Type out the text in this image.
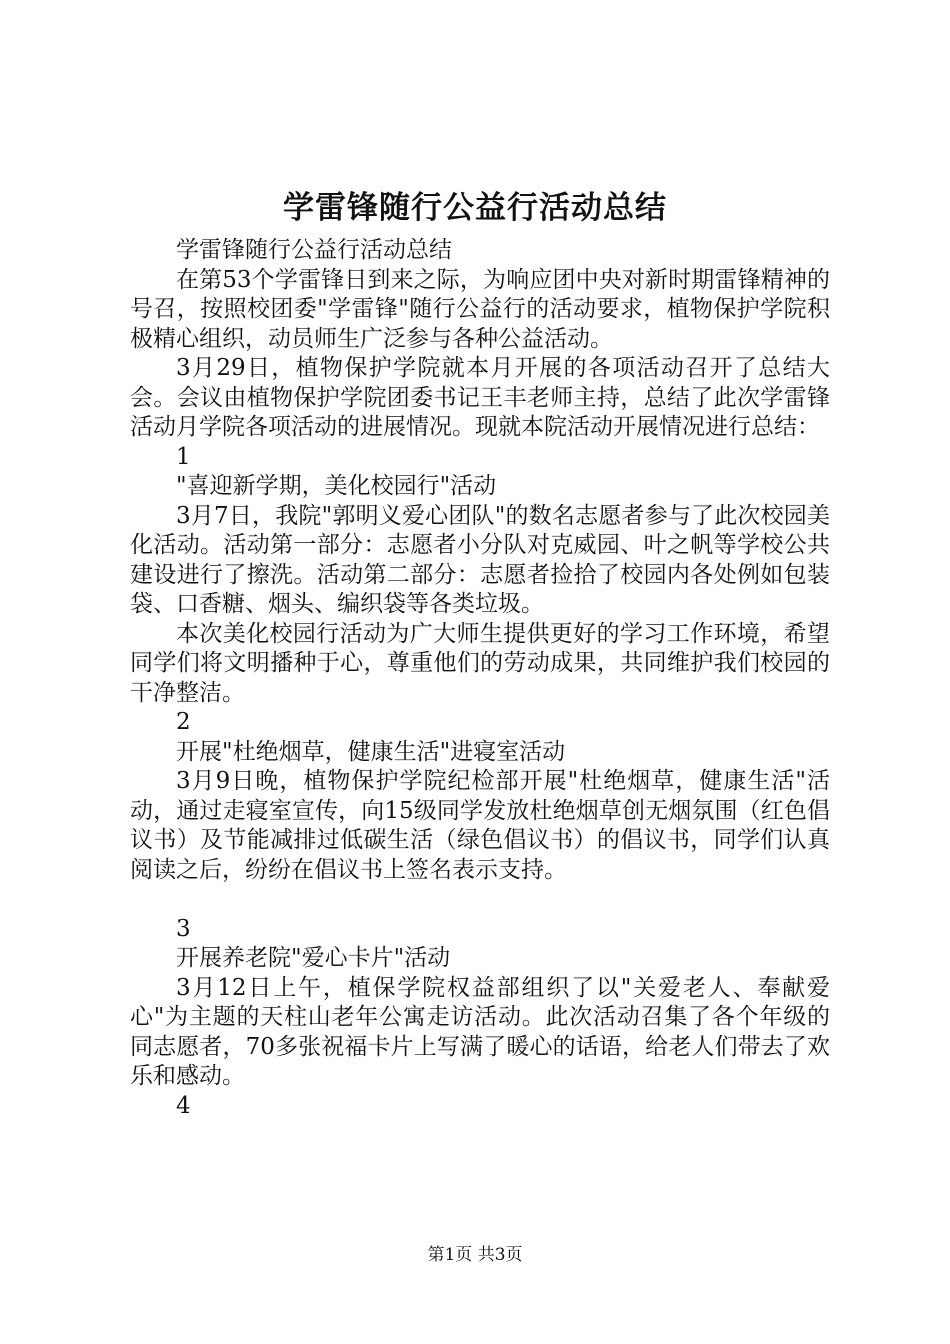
学雷锋随行公益行活动总结

学雷锋随行公益行活动总结

在第53个学雷锋日到来之际，为响应团中央对新时期雷锋精神的号召，按照校团委"学雷锋"随行公益行的活动要求，植物保护学院积极精心组织，动员师生广泛参与各种公益活动。

3月29日，植物保护学院就本月开展的各项活动召开了总结大会。会议由植物保护学院团委书记王丰老师主持，总结了此次学雷锋活动月学院各项活动的进展情况。现就本院活动开展情况进行总结：

1

"喜迎新学期，美化校园行"活动

3月7日，我院"郭明义爱心团队"的数名志愿者参与了此次校园美化活动。活动第一部分：志愿者小分队对克威园、叶之帆等学校公共建设进行了擦洗。活动第二部分：志愿者捡拾了校园内各处例如包装袋、口香糖、烟头、编织袋等各类垃圾。

本次美化校园行活动为广大师生提供更好的学习工作环境，希望同学们将文明播种于心，尊重他们的劳动成果，共同维护我们校园的干净整洁。

2

开展"杜绝烟草，健康生活"进寝室活动

3月9日晚，植物保护学院纪检部开展"杜绝烟草，健康生活"活动，通过走寝室宣传，向15级同学发放杜绝烟草创无烟氛围（红色倡议书）及节能减排过低碳生活（绿色倡议书）的倡议书，同学们认真阅读之后，纷纷在倡议书上签名表示支持。

3

开展养老院"爱心卡片"活动

3月12日上午，植保学院权益部组织了以"关爱老人、奉献爱心"为主题的天柱山老年公寓走访活动。此次活动召集了各个年级的同志愿者，70多张祝福卡片上写满了暖心的话语，给老人们带去了欢乐和感动。

4

第1页 共3页
